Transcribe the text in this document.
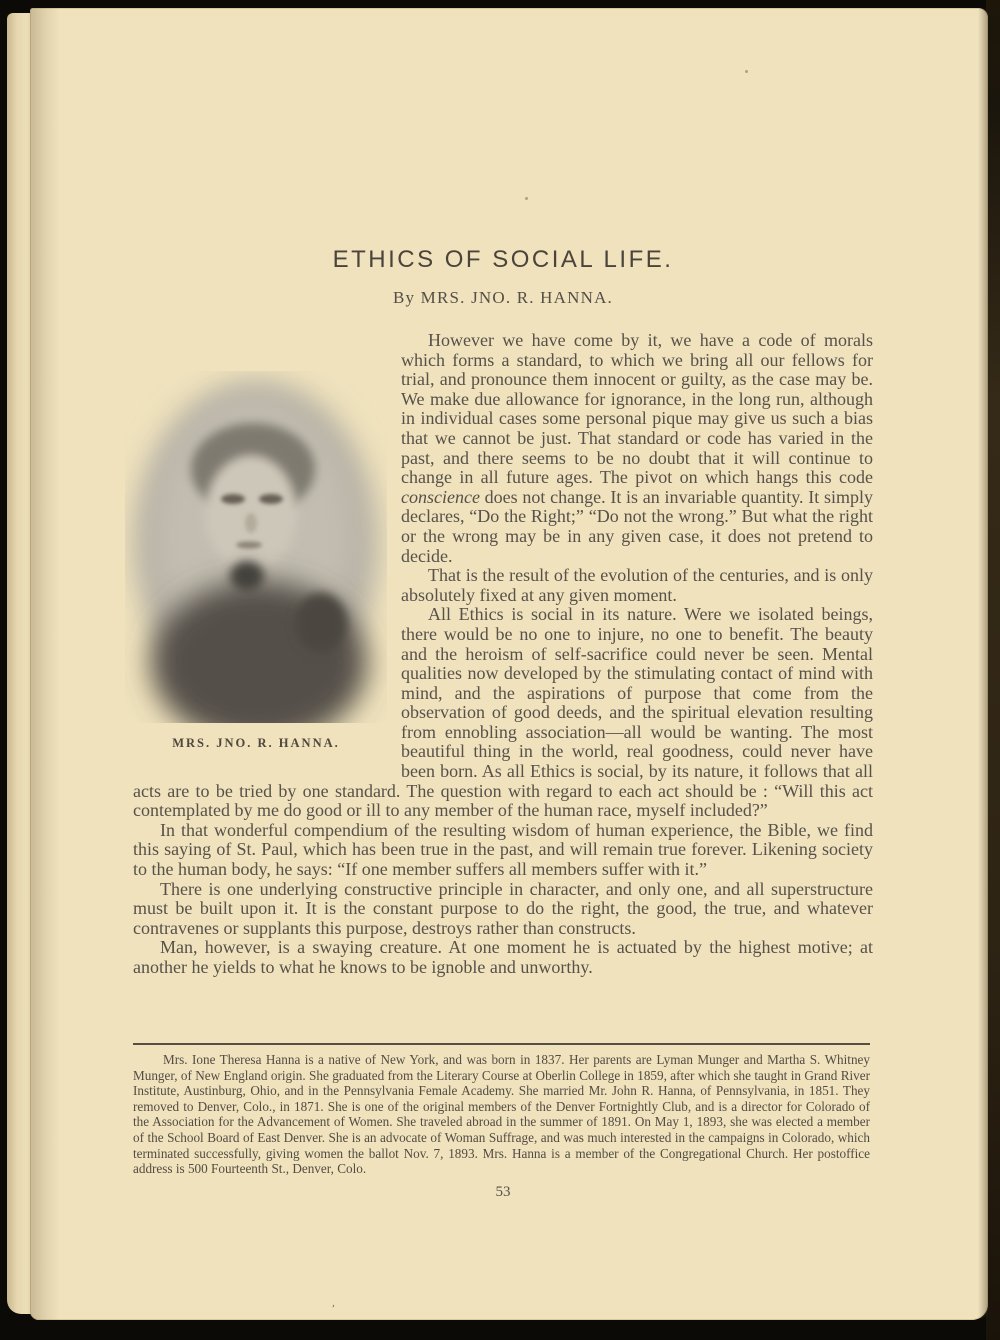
ETHICS OF SOCIAL LIFE.
By MRS. JNO. R. HANNA.
MRS. JNO. R. HANNA.

However we have come by it, we have a code of morals which forms a standard, to which we bring all our fellows for trial, and pronounce them innocent or guilty, as the case may be. We make due allowance for ignorance, in the long run, although in individual cases some personal pique may give us such a bias that we cannot be just. That standard or code has varied in the past, and there seems to be no doubt that it will continue to change in all future ages. The pivot on which hangs this code conscience does not change. It is an invariable quantity. It simply declares, “Do the Right;” “Do not the wrong.” But what the right or the wrong may be in any given case, it does not pretend to decide.

That is the result of the evolution of the centuries, and is only absolutely fixed at any given moment.

All Ethics is social in its nature. Were we isolated beings, there would be no one to injure, no one to benefit. The beauty and the heroism of self-sacrifice could never be seen. Mental qualities now developed by the stimulating contact of mind with mind, and the aspirations of purpose that come from the observation of good deeds, and the spiritual elevation resulting from ennobling association—all would be wanting. The most beautiful thing in the world, real goodness, could never have been born. As all Ethics is social, by its nature, it follows that all acts are to be tried by one standard. The question with regard to each act should be : “Will this act contemplated by me do good or ill to any member of the human race, myself included?”

In that wonderful compendium of the resulting wisdom of human experience, the Bible, we find this saying of St. Paul, which has been true in the past, and will remain true forever. Likening society to the human body, he says: “If one member suffers all members suffer with it.”

There is one underlying constructive principle in character, and only one, and all superstructure must be built upon it. It is the constant purpose to do the right, the good, the true, and whatever contravenes or supplants this purpose, destroys rather than constructs.

Man, however, is a swaying creature. At one moment he is actuated by the highest motive; at another he yields to what he knows to be ignoble and unworthy.

Mrs. Ione Theresa Hanna is a native of New York, and was born in 1837. Her parents are Lyman Munger and Martha S. Whitney Munger, of New England origin. She graduated from the Literary Course at Oberlin College in 1859, after which she taught in Grand River Institute, Austinburg, Ohio, and in the Pennsylvania Female Academy. She married Mr. John R. Hanna, of Pennsylvania, in 1851. They removed to Denver, Colo., in 1871. She is one of the original members of the Denver Fortnightly Club, and is a director for Colorado of the Association for the Advancement of Women. She traveled abroad in the summer of 1891. On May 1, 1893, she was elected a member of the School Board of East Denver. She is an advocate of Woman Suffrage, and was much interested in the campaigns in Colorado, which terminated successfully, giving women the ballot Nov. 7, 1893. Mrs. Hanna is a member of the Congregational Church. Her postoffice address is 500 Fourteenth St., Denver, Colo.

53
ʾ
